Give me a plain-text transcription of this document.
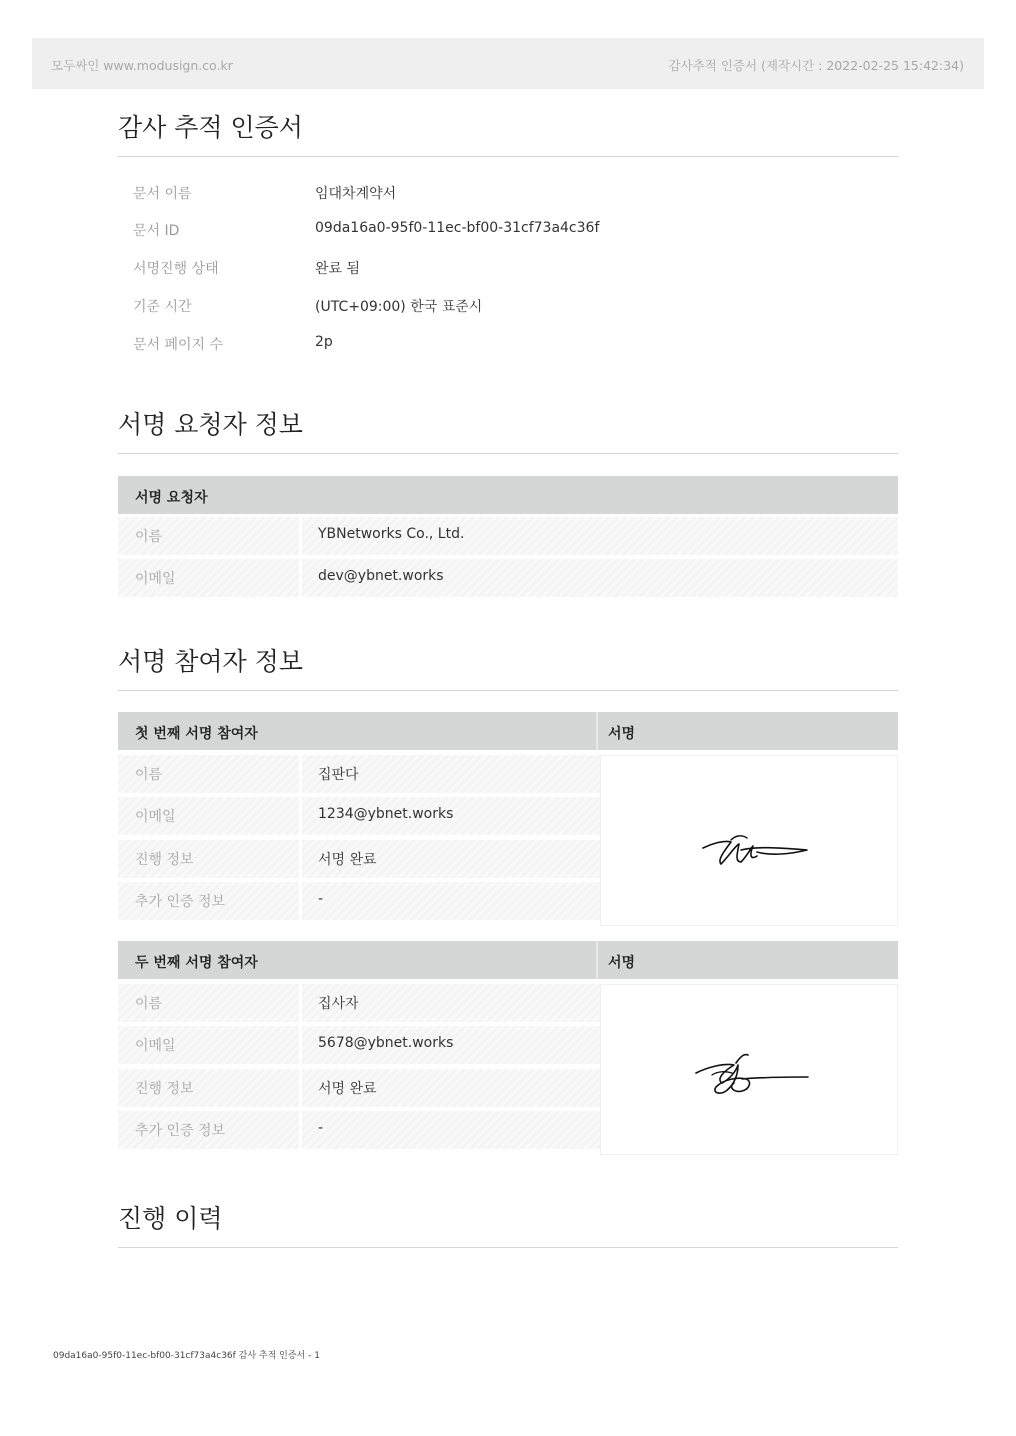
모두싸인 www.modusign.co.kr	감사추적 인증서 (제작시간 : 2022-02-25 15:42:34)
감사 추적 인증서
문서 이름	임대차계약서
문서 ID	09da16a0-95f0-11ec-bf00-31cf73a4c36f
서명진행 상태	완료 됨
기준 시간	(UTC+09:00) 한국 표준시
문서 페이지 수	2p
서명 요청자 정보
서명 요청자
이름	YBNetworks Co., Ltd.
이메일	dev@ybnet.works
서명 참여자 정보
첫 번째 서명 참여자	서명
이름	집판다
이메일	1234@ybnet.works
진행 정보	서명 완료
추가 인증 정보	-
두 번째 서명 참여자	서명
이름	집사자
이메일	5678@ybnet.works
진행 정보	서명 완료
추가 인증 정보	-
진행 이력
09da16a0-95f0-11ec-bf00-31cf73a4c36f 감사 추적 인증서 - 1
